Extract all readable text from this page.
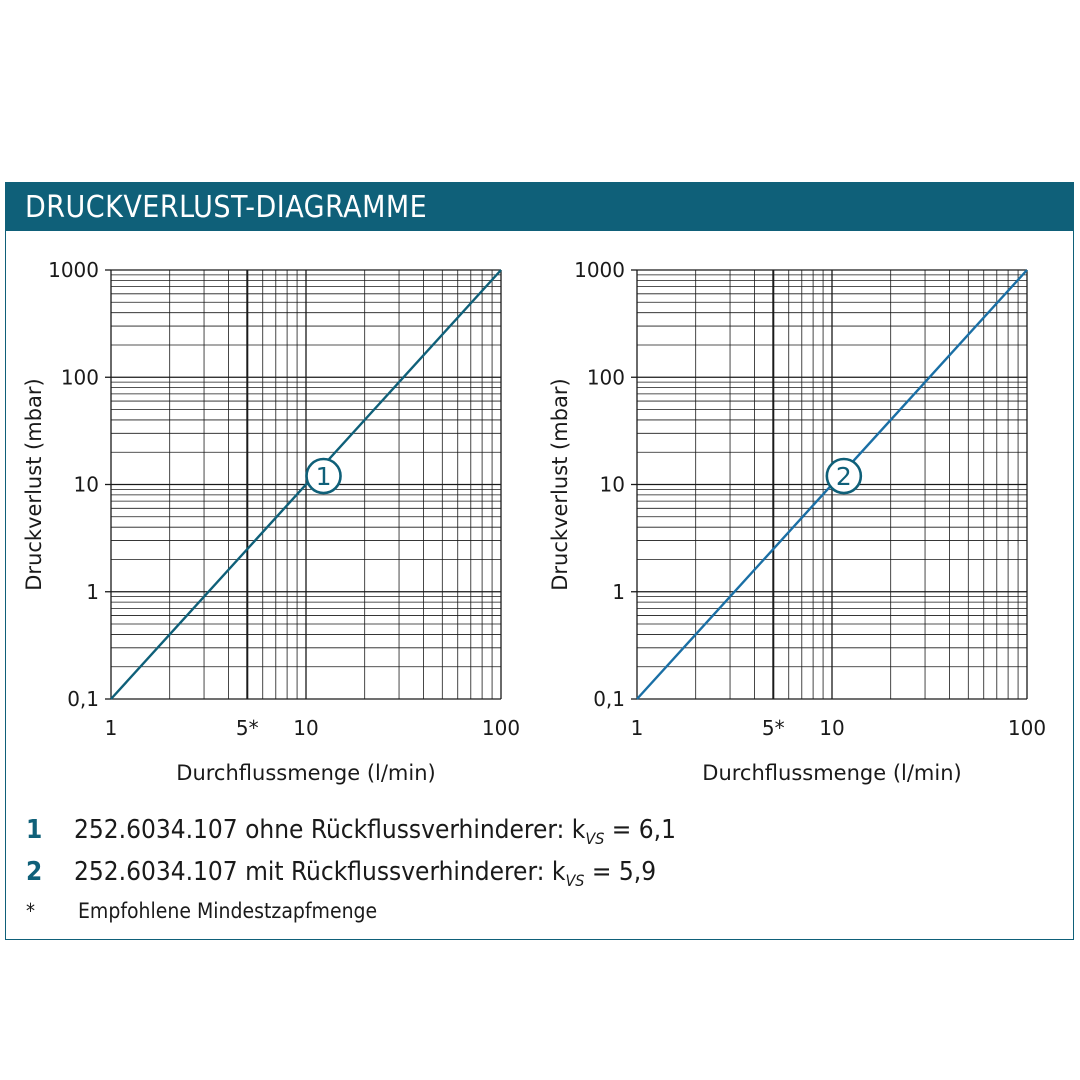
DRUCKVERLUST-DIAGRAMME
0,1
1
10
100
1000
1	5* 10	100
Durchflussmenge (l/min)
Druckverlust (mbar)	1
0,1
1
10
100
1000
1	5* 10	100
Durchflussmenge (l/min)
Druckverlust (mbar)	2
1 252.6034.107 ohne Rückflussverhinderer: $k_{VS} = 6,1$
2 252.6034.107 mit Rückflussverhinderer: $k_{VS} = 5,9$
* Empfohlene Mindestzapfmenge
